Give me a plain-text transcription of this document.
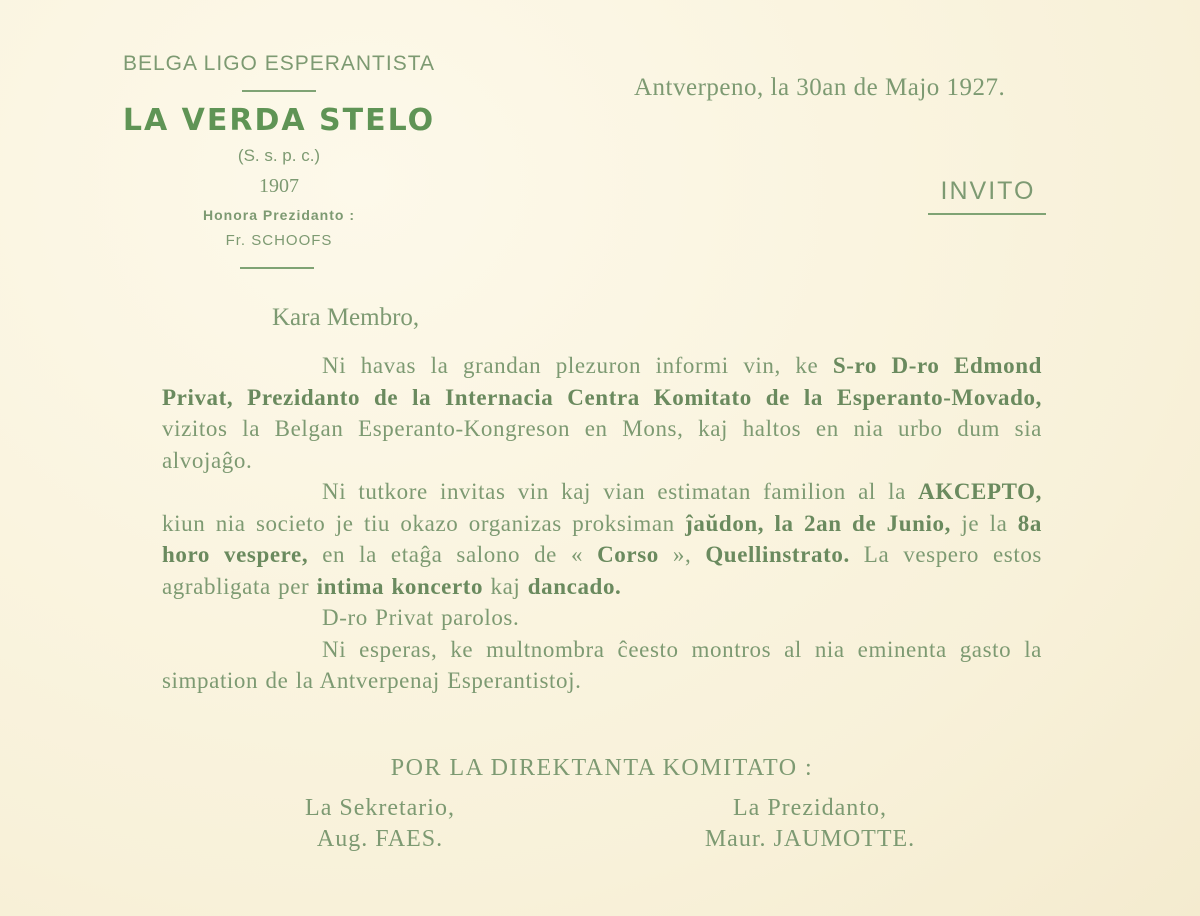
BELGA LIGO ESPERANTISTA
LA VERDA STELO
(S. s. p. c.)
1907
Honora Prezidanto :
Fr. SCHOOFS
Antverpeno, la 30an de Majo 1927.
INVITO
Kara Membro,

Ni havas la grandan plezuron informi vin, ke S-ro D-ro Edmond Privat, Prezidanto de la Internacia Centra Komitato de la Esperanto-Movado, vizitos la Belgan Esperanto-Kongreson en Mons, kaj haltos en nia urbo dum sia alvojaĝo.

Ni tutkore invitas vin kaj vian estimatan familion al la AKCEPTO, kiun nia societo je tiu okazo organizas proksiman ĵaŭdon, la 2an de Junio, je la 8a horo vespere, en la etaĝa salono de « Corso », Quellinstrato. La vespero estos agrabligata per intima koncerto kaj dancado.

D-ro Privat parolos.

Ni esperas, ke multnombra ĉeesto montros al nia eminenta gasto la simpation de la Antverpenaj Esperantistoj.

POR LA DIREKTANTA KOMITATO :
La Sekretario,
Aug. FAES.
La Prezidanto,
Maur. JAUMOTTE.
